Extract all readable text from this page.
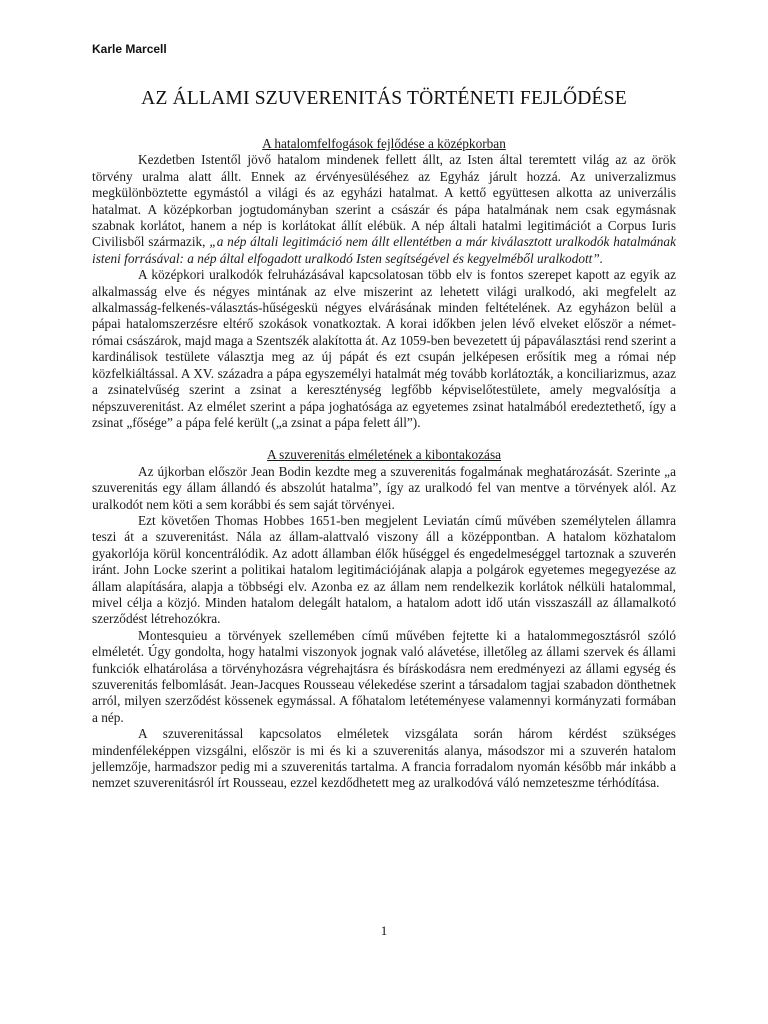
Karle Marcell
AZ ÁLLAMI SZUVERENITÁS TÖRTÉNETI FEJLŐDÉSE
A hatalomfelfogások fejlődése a középkorban

Kezdetben Istentől jövő hatalom mindenek fellett állt, az Isten által teremtett világ az az örök törvény uralma alatt állt. Ennek az érvényesüléséhez az Egyház járult hozzá. Az univerzalizmus megkülönböztette egymástól a világi és az egyházi hatalmat. A kettő együttesen alkotta az univerzális hatalmat. A középkorban jogtudományban szerint a császár és pápa hatalmának nem csak egymásnak szabnak korlátot, hanem a nép is korlátokat állít elébük. A nép általi hatalmi legitimációt a Corpus Iuris Civilisből származik, „a nép általi legitimáció nem állt ellentétben a már kiválasztott uralkodók hatalmának isteni forrásával: a nép által elfogadott uralkodó Isten segítségével és kegyelméből uralkodott”.

A középkori uralkodók felruházásával kapcsolatosan több elv is fontos szerepet kapott az egyik az alkalmasság elve és négyes mintának az elve miszerint az lehetett világi uralkodó, aki megfelelt az alkalmasság-felkenés-választás-hűségeskü négyes elvárásának minden feltételének. Az egyházon belül a pápai hatalomszerzésre eltérő szokások vonatkoztak. A korai időkben jelen lévő elveket először a német-római császárok, majd maga a Szentszék alakította át. Az 1059-ben bevezetett új pápaválasztási rend szerint a kardinálisok testülete választja meg az új pápát és ezt csupán jelképesen erősítik meg a római nép közfelkiáltással. A XV. századra a pápa egyszemélyi hatalmát még tovább korlátozták, a konciliarizmus, azaz a zsinatelvűség szerint a zsinat a kereszténység legfőbb képviselőtestülete, amely megvalósítja a népszuverenitást. Az elmélet szerint a pápa joghatósága az egyetemes zsinat hatalmából eredeztethető, így a zsinat „fősége” a pápa felé került („a zsinat a pápa felett áll”).

A szuverenitás elméletének a kibontakozása

Az újkorban először Jean Bodin kezdte meg a szuverenitás fogalmának meghatározását. Szerinte „a szuverenitás egy állam állandó és abszolút hatalma”, így az uralkodó fel van mentve a törvények alól. Az uralkodót nem köti a sem korábbi és sem saját törvényei.

Ezt követően Thomas Hobbes 1651-ben megjelent Leviatán című művében személytelen államra teszi át a szuverenitást. Nála az állam-alattvaló viszony áll a középpontban. A hatalom közhatalom gyakorlója körül koncentrálódik. Az adott államban élők hűséggel és engedelmeséggel tartoznak a szuverén iránt. John Locke szerint a politikai hatalom legitimációjának alapja a polgárok egyetemes megegyezése az állam alapítására, alapja a többségi elv. Azonba ez az állam nem rendelkezik korlátok nélküli hatalommal, mivel célja a közjó. Minden hatalom delegált hatalom, a hatalom adott idő után visszaszáll az államalkotó szerződést létrehozókra.

Montesquieu a törvények szellemében című művében fejtette ki a hatalommegosztásról szóló elméletét. Úgy gondolta, hogy hatalmi viszonyok jognak való alávetése, illetőleg az állami szervek és állami funkciók elhatárolása a törvényhozásra végrehajtásra és bíráskodásra nem eredményezi az állami egység és szuverenitás felbomlását. Jean-Jacques Rousseau vélekedése szerint a társadalom tagjai szabadon dönthetnek arról, milyen szerződést kössenek egymással. A főhatalom letéteményese valamennyi kormányzati formában a nép.

A szuverenitással kapcsolatos elméletek vizsgálata során három kérdést szükséges mindenféleképpen vizsgálni, először is mi és ki a szuverenitás alanya, másodszor mi a szuverén hatalom jellemzője, harmadszor pedig mi a szuverenitás tartalma. A francia forradalom nyomán később már inkább a nemzet szuverenitásról írt Rousseau, ezzel kezdődhetett meg az uralkodóvá váló nemzeteszme térhódítása.

1
